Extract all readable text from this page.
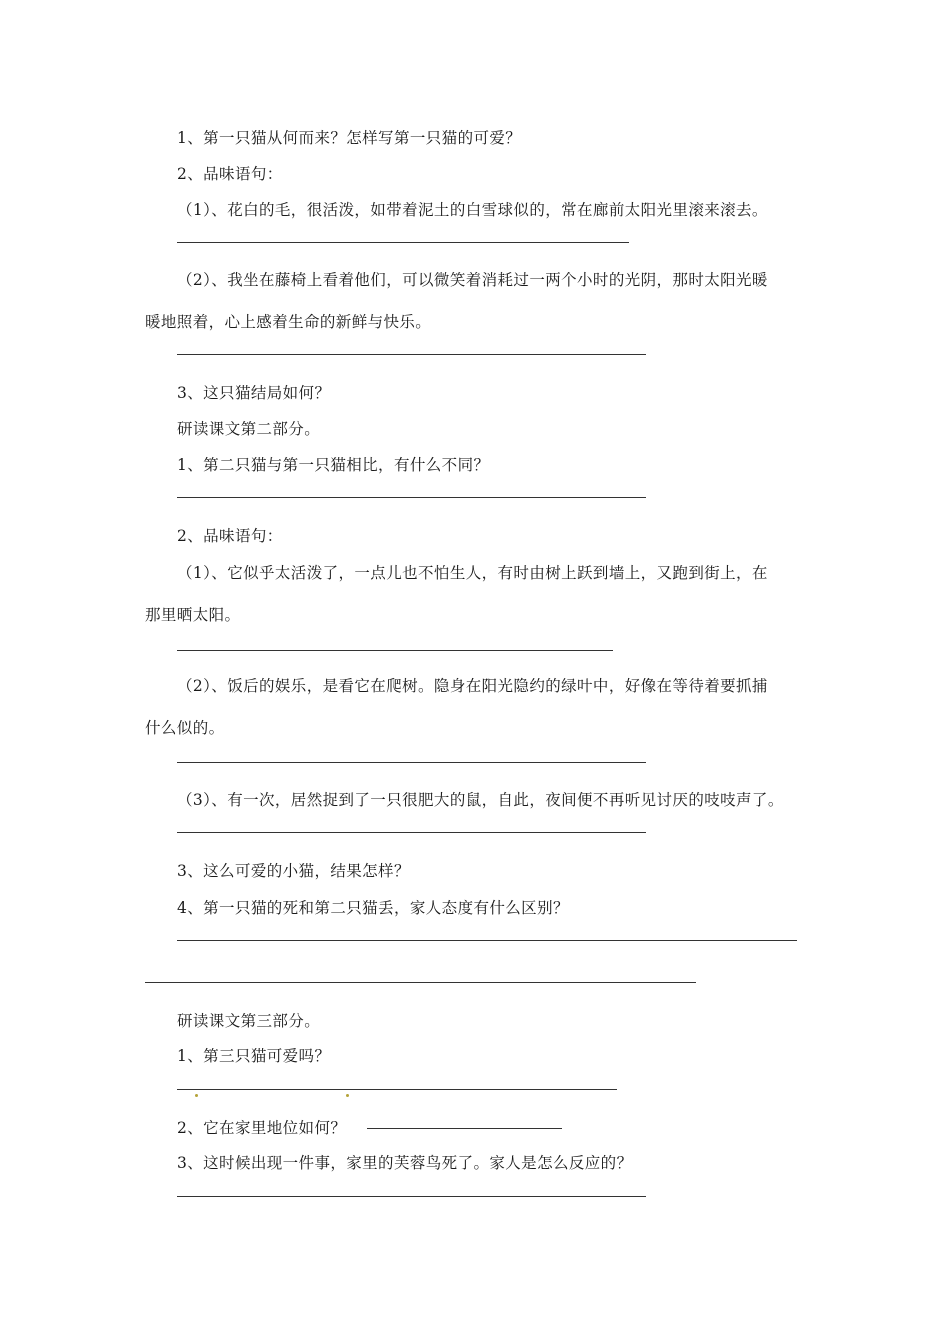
1、第一只猫从何而来？怎样写第一只猫的可爱？
2、品味语句：
（1）、花白的毛，很活泼，如带着泥土的白雪球似的，常在廊前太阳光里滚来滚去。
（2）、我坐在藤椅上看着他们，可以微笑着消耗过一两个小时的光阴，那时太阳光暖
暖地照着，心上感着生命的新鲜与快乐。
3、这只猫结局如何？
研读课文第二部分。
1、第二只猫与第一只猫相比，有什么不同？
2、品味语句：
（1）、它似乎太活泼了，一点儿也不怕生人，有时由树上跃到墙上，又跑到街上，在
那里晒太阳。
（2）、饭后的娱乐，是看它在爬树。隐身在阳光隐约的绿叶中，好像在等待着要抓捕
什么似的。
（3）、有一次，居然捉到了一只很肥大的鼠，自此，夜间便不再听见讨厌的吱吱声了。
3、这么可爱的小猫，结果怎样？
4、第一只猫的死和第二只猫丢，家人态度有什么区别？
研读课文第三部分。
1、第三只猫可爱吗？
2、它在家里地位如何？
3、这时候出现一件事，家里的芙蓉鸟死了。家人是怎么反应的？
